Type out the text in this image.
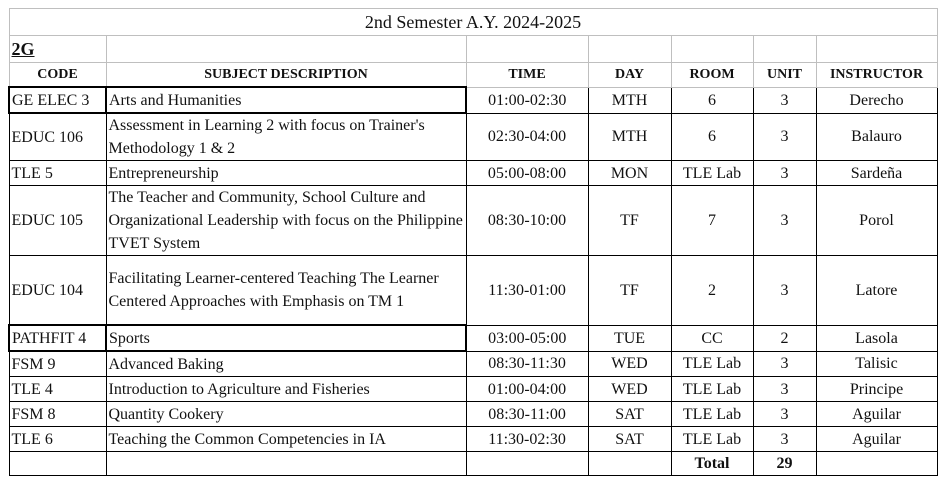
2nd Semester A.Y. 2024-2025						
2G						
CODE	SUBJECT DESCRIPTION	TIME	DAY	ROOM	UNIT	INSTRUCTOR
GE ELEC 3	Arts and Humanities	01:00-02:30	MTH	6	3	Derecho
EDUC 106	Assessment in Learning 2 with focus on Trainer's Methodology 1 & 2	02:30-04:00	MTH	6	3	Balauro
TLE 5	Entrepreneurship	05:00-08:00	MON	TLE Lab	3	Sardeña
EDUC 105	The Teacher and Community, School Culture and Organizational Leadership with focus on the Philippine TVET System	08:30-10:00	TF	7	3	Porol
EDUC 104	Facilitating Learner-centered Teaching The Learner Centered Approaches with Emphasis on TM 1	11:30-01:00	TF	2	3	Latore
PATHFIT 4	Sports	03:00-05:00	TUE	CC	2	Lasola
FSM 9	Advanced Baking	08:30-11:30	WED	TLE Lab	3	Talisic
TLE 4	Introduction to Agriculture and Fisheries	01:00-04:00	WED	TLE Lab	3	Principe
FSM 8	Quantity Cookery	08:30-11:00	SAT	TLE Lab	3	Aguilar
TLE 6	Teaching the Common Competencies in IA	11:30-02:30	SAT	TLE Lab	3	Aguilar
				Total	29	
